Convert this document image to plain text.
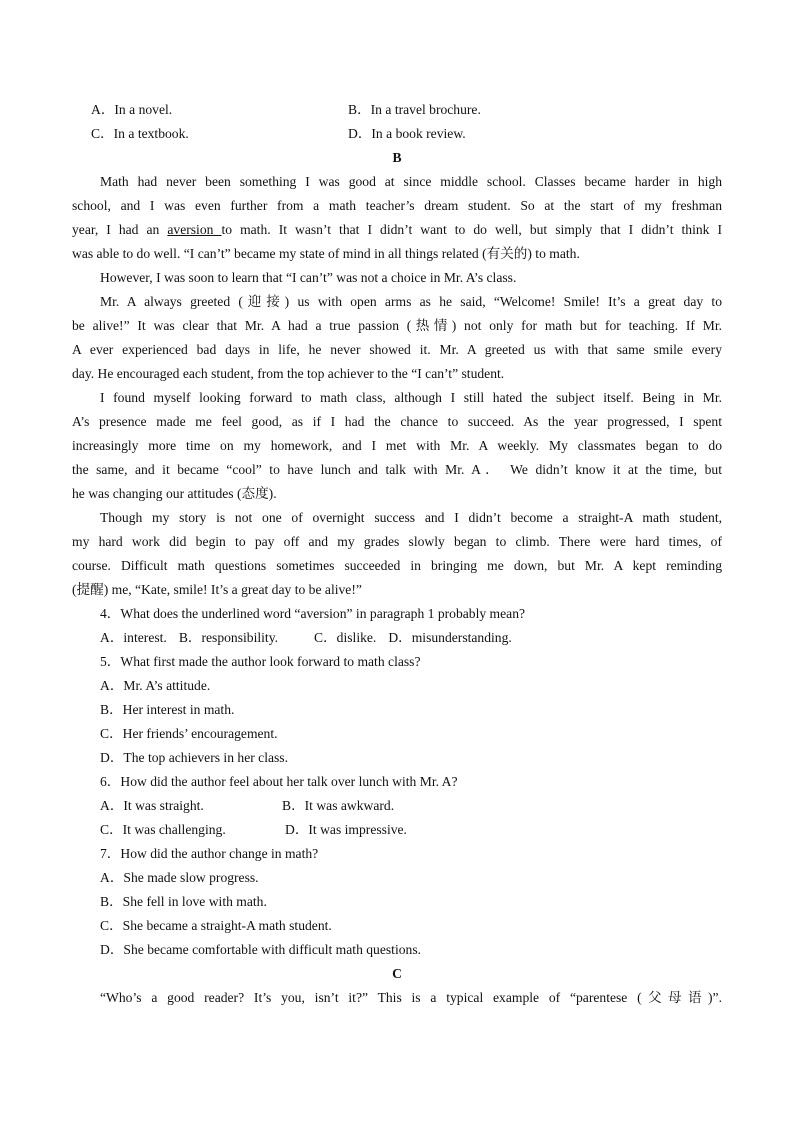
A．In a novel.	B．In a travel brochure.
C．In a textbook.	D．In a book review.
B
Math had never been something I was good at since middle school. Classes became harder in high
school, and I was even further from a math teacher’s dream student. So at the start of my freshman
year, I had an aversion to math. It wasn’t that I didn’t want to do well, but simply that I didn’t think I
was able to do well. “I can’t” became my state of mind in all things related (有关的) to math.
However, I was soon to learn that “I can’t” was not a choice in Mr. A’s class.
Mr. A always greeted (迎接) us with open arms as he said, “Welcome! Smile! It’s a great day to
be alive!” It was clear that Mr. A had a true passion (热情) not only for math but for teaching. If Mr.
A ever experienced bad days in life, he never showed it. Mr. A greeted us with that same smile every
day. He encouraged each student, from the top achiever to the “I can’t” student.
I found myself looking forward to math class, although I still hated the subject itself. Being in Mr.
A’s presence made me feel good, as if I had the chance to succeed. As the year progressed, I spent
increasingly more time on my homework, and I met with Mr. A weekly. My classmates began to do
the same, and it became “cool” to have lunch and talk with Mr. A． We didn’t know it at the time, but
he was changing our attitudes (态度).
Though my story is not one of overnight success and I didn’t become a straight-A math student,
my hard work did begin to pay off and my grades slowly began to climb. There were hard times, of
course. Difficult math questions sometimes succeeded in bringing me down, but Mr. A kept reminding
(提醒) me, “Kate, smile! It’s a great day to be alive!”
4．What does the underlined word “aversion” in paragraph 1 probably mean?
A．interest. B．responsibility.	C．dislike. D．misunderstanding.
5．What first made the author look forward to math class?
A．Mr. A’s attitude.
B．Her interest in math.
C．Her friends’ encouragement.
D．The top achievers in her class.
6．How did the author feel about her talk over lunch with Mr. A?
A．It was straight.	B．It was awkward.
C．It was challenging.	D．It was impressive.
7．How did the author change in math?
A．She made slow progress.
B．She fell in love with math.
C．She became a straight-A math student.
D．She became comfortable with difficult math questions.
C
“Who’s a good reader? It’s you, isn’t it?” This is a typical example of “parentese (父母语)”.
